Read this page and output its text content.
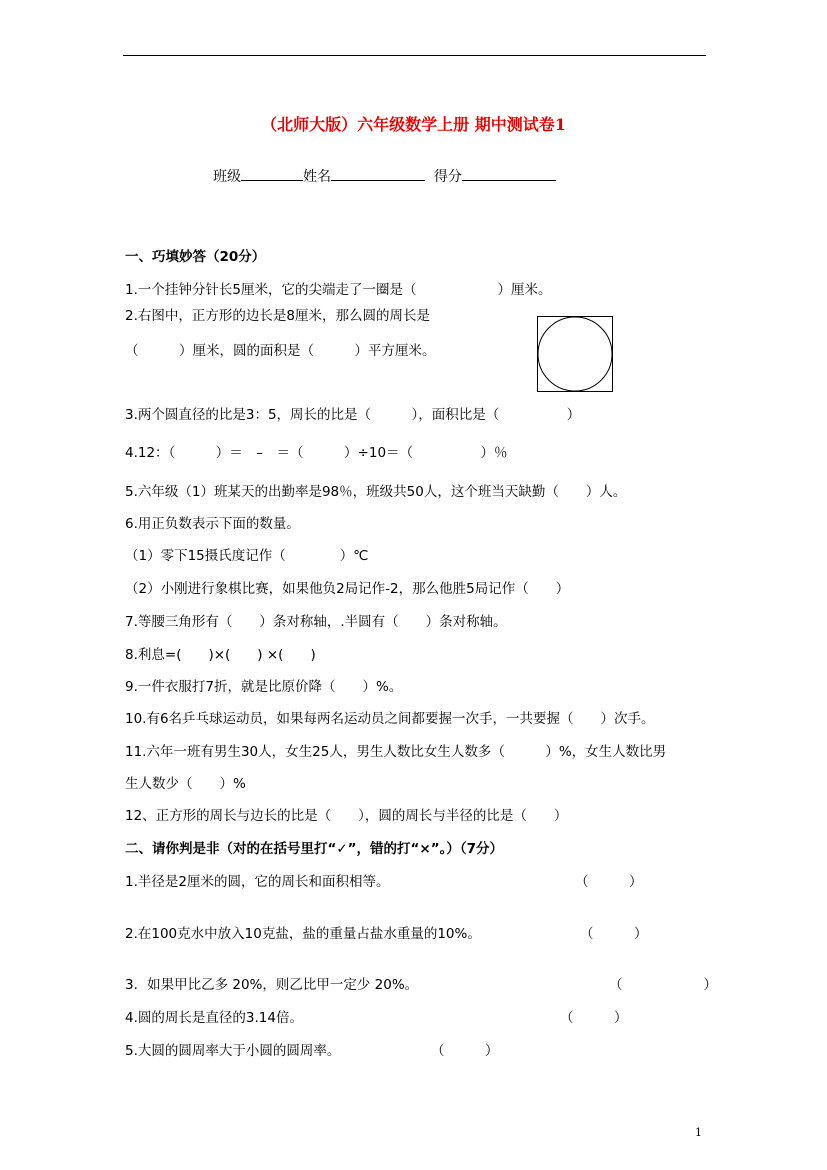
（北师大版）六年级数学上册 期中测试卷1
班级	姓名	得分
一、巧填妙答（20分）
1.一个挂钟分针长5厘米，它的尖端走了一圈是（　　　　　　）厘米。
2.右图中，正方形的边长是8厘米，那么圆的周长是
（　　　）厘米，圆的面积是（　　　）平方厘米。
3.两个圆直径的比是3：5，周长的比是（　　　），面积比是（　　　　　）
4.12：（　　　）＝　–　＝（　　　）÷10＝（　　　　　）％
5.六年级（1）班某天的出勤率是98％，班级共50人，这个班当天缺勤（　　）人。
6.用正负数表示下面的数量。
（1）零下15摄氏度记作（　　　　）℃
（2）小刚进行象棋比赛，如果他负2局记作-2，那么他胜5局记作（　　）
7.等腰三角形有（　　）条对称轴，.半圆有（　　）条对称轴。
8.利息=(　　)×(　　) ×(　　)
9.一件衣服打7折，就是比原价降（　　）%。
10.有6名乒乓球运动员，如果每两名运动员之间都要握一次手，一共要握（　　）次手。
11.六年一班有男生30人，女生25人，男生人数比女生人数多（　　　）%，女生人数比男
生人数少（　　）%
12、正方形的周长与边长的比是（　　），圆的周长与半径的比是（　　）
二、请你判是非（对的在括号里打“✓”，错的打“×”。）（7分）
1.半径是2厘米的圆，它的周长和面积相等。	（　　　）
2.在100克水中放入10克盐，盐的重量占盐水重量的10%。	（　　　）
3．如果甲比乙多 20%，则乙比甲一定少 20%。	（　　　　　　）
4.圆的周长是直径的3.14倍。	（　　　）
5.大圆的圆周率大于小圆的圆周率。	（　　　）
1
